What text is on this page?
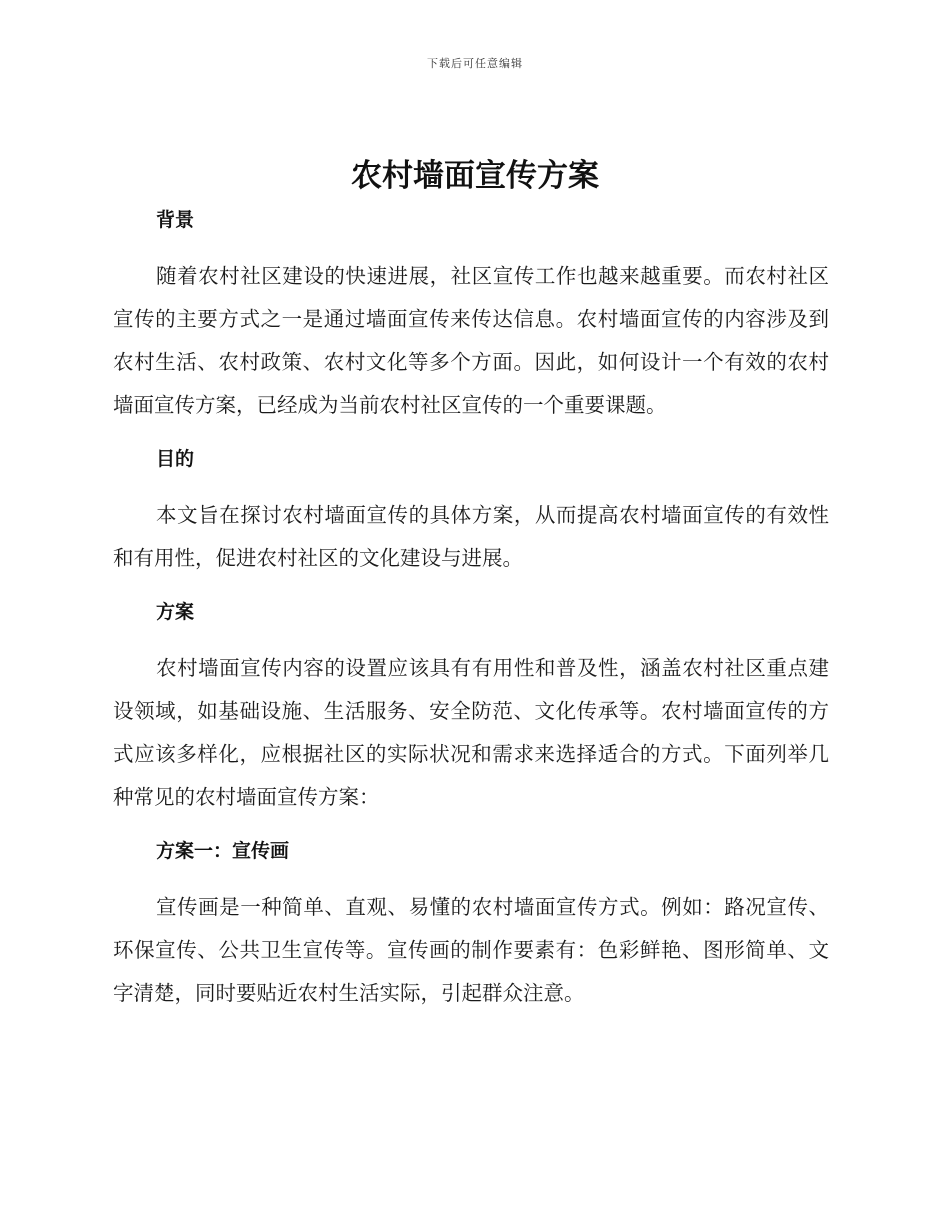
下载后可任意编辑
农村墙面宣传方案
背景

随着农村社区建设的快速进展，社区宣传工作也越来越重要。而农村社区宣传的主要方式之一是通过墙面宣传来传达信息。农村墙面宣传的内容涉及到农村生活、农村政策、农村文化等多个方面。因此，如何设计一个有效的农村墙面宣传方案，已经成为当前农村社区宣传的一个重要课题。

目的

本文旨在探讨农村墙面宣传的具体方案，从而提高农村墙面宣传的有效性和有用性，促进农村社区的文化建设与进展。

方案

农村墙面宣传内容的设置应该具有有用性和普及性，涵盖农村社区重点建设领域，如基础设施、生活服务、安全防范、文化传承等。农村墙面宣传的方式应该多样化，应根据社区的实际状况和需求来选择适合的方式。下面列举几种常见的农村墙面宣传方案：

方案一：宣传画

宣传画是一种简单、直观、易懂的农村墙面宣传方式。例如：路况宣传、环保宣传、公共卫生宣传等。宣传画的制作要素有：色彩鲜艳、图形简单、文字清楚，同时要贴近农村生活实际，引起群众注意。
